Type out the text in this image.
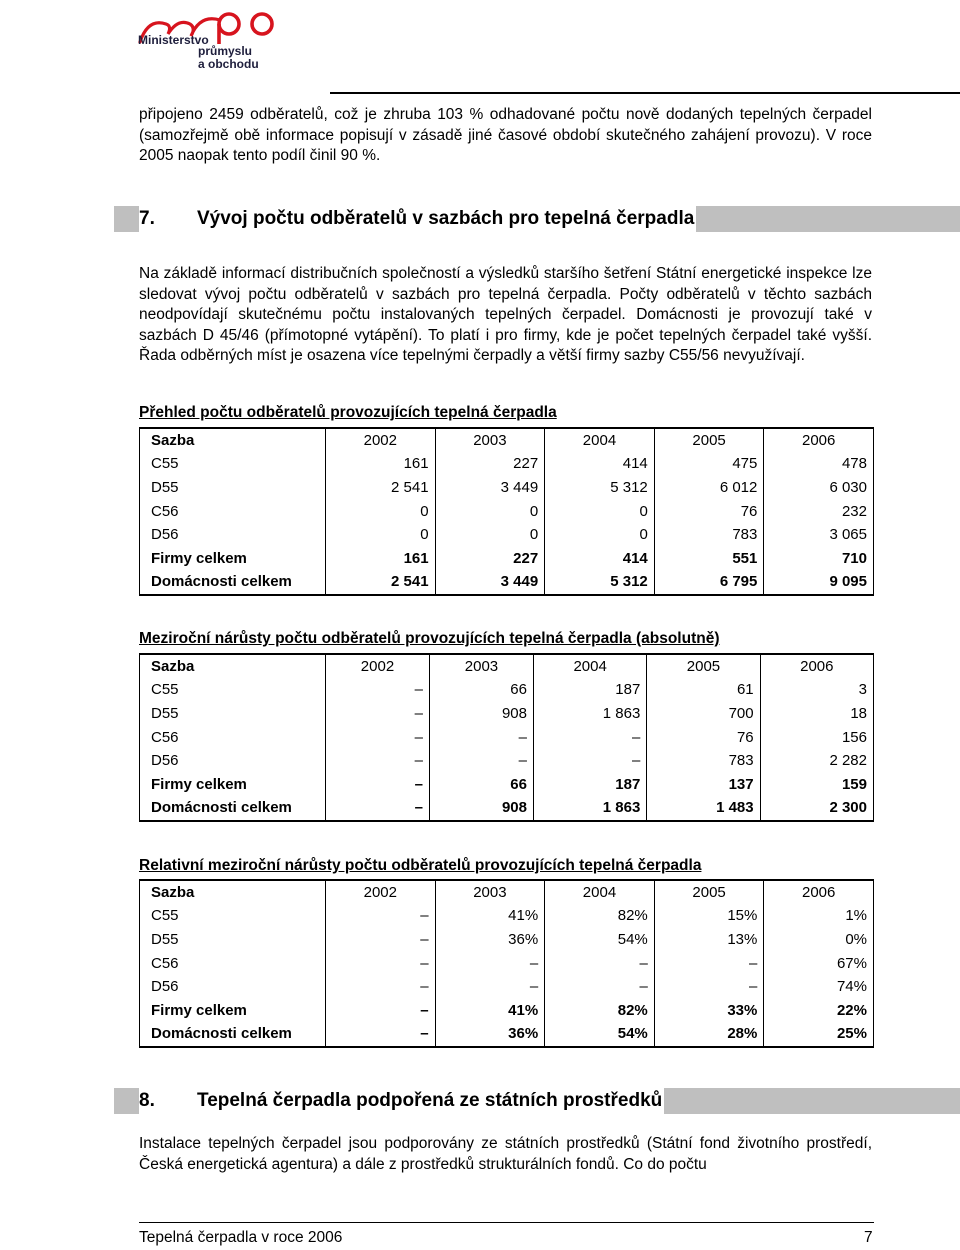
Ministerstvo
průmyslu
a obchodu

připojeno 2459 odběratelů, což je zhruba 103 % odhadované počtu nově dodaných tepelných čerpadel (samozřejmě obě informace popisují v zásadě jiné časové období skutečného zahájení provozu). V roce 2005 naopak tento podíl činil 90 %.

7. Vývoj počtu odběratelů v sazbách pro tepelná čerpadla

Na základě informací distribučních společností a výsledků staršího šetření Státní energetické inspekce lze sledovat vývoj počtu odběratelů v sazbách pro tepelná čerpadla. Počty odběratelů v těchto sazbách neodpovídají skutečnému počtu instalovaných tepelných čerpadel. Domácnosti je provozují také v sazbách D 45/46 (přímotopné vytápění). To platí i pro firmy, kde je počet tepelných čerpadel také vyšší. Řada odběrných míst je osazena více tepelnými čerpadly a větší firmy sazby C55/56 nevyužívají.

Přehled počtu odběratelů provozujících tepelná čerpadla
Sazba	2002	2003	2004	2005	2006
C55	161	227	414	475	478
D55	2 541	3 449	5 312	6 012	6 030
C56	0	0	0	76	232
D56	0	0	0	783	3 065
Firmy celkem	161	227	414	551	710
Domácnosti celkem	2 541	3 449	5 312	6 795	9 095
Meziroční nárůsty počtu odběratelů provozujících tepelná čerpadla (absolutně)
Sazba	2002	2003	2004	2005	2006
C55	–	66	187	61	3
D55	–	908	1 863	700	18
C56	–	–	–	76	156
D56	–	–	–	783	2 282
Firmy celkem	–	66	187	137	159
Domácnosti celkem	–	908	1 863	1 483	2 300
Relativní meziroční nárůsty počtu odběratelů provozujících tepelná čerpadla
Sazba	2002	2003	2004	2005	2006
C55	–	41%	82%	15%	1%
D55	–	36%	54%	13%	0%
C56	–	–	–	–	67%
D56	–	–	–	–	74%
Firmy celkem	–	41%	82%	33%	22%
Domácnosti celkem	–	36%	54%	28%	25%
8. Tepelná čerpadla podpořená ze státních prostředků

Instalace tepelných čerpadel jsou podporovány ze státních prostředků (Státní fond životního prostředí, Česká energetická agentura) a dále z prostředků strukturálních fondů. Co do počtu

Tepelná čerpadla v roce 2006	7
